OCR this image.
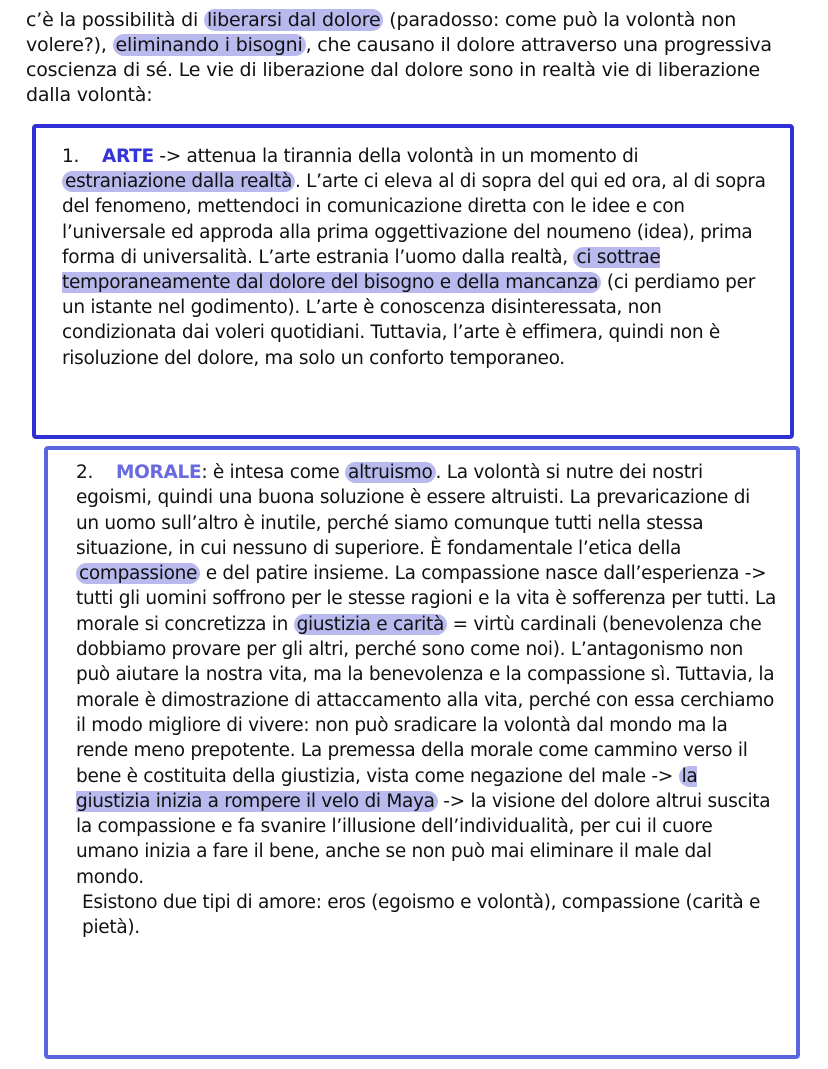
c’è la possibilità di liberarsi dal dolore (paradosso: come può la volontà non volere?), eliminando i bisogni , che causano il dolore attraverso una progressiva coscienza di sé. Le vie di liberazione dal dolore sono in realtà vie di liberazione dalla volontà:

1. ARTE -> attenua la tirannia della volontà in un momento di estraniazione dalla realtà . L’arte ci eleva al di sopra del qui ed ora, al di sopra del fenomeno, mettendoci in comunicazione diretta con le idee e con l’universale ed approda alla prima oggettivazione del noumeno (idea), prima forma di universalità. L’arte estrania l’uomo dalla realtà, ci sottrae temporaneamente dal dolore del bisogno e della mancanza (ci perdiamo per un istante nel godimento). L’arte è conoscenza disinteressata, non condizionata dai voleri quotidiani. Tuttavia, l’arte è effimera, quindi non è risoluzione del dolore, ma solo un conforto temporaneo.
2. MORALE: è intesa come altruismo . La volontà si nutre dei nostri egoismi, quindi una buona soluzione è essere altruisti. La prevaricazione di un uomo sull’altro è inutile, perché siamo comunque tutti nella stessa situazione, in cui nessuno di superiore. È fondamentale l’etica della compassione e del patire insieme. La compassione nasce dall’esperienza -> tutti gli uomini soffrono per le stesse ragioni e la vita è sofferenza per tutti. La morale si concretizza in giustizia e carità = virtù cardinali (benevolenza che dobbiamo provare per gli altri, perché sono come noi). L’antagonismo non può aiutare la nostra vita, ma la benevolenza e la compassione sì. Tuttavia, la morale è dimostrazione di attaccamento alla vita, perché con essa cerchiamo il modo migliore di vivere: non può sradicare la volontà dal mondo ma la rende meno prepotente. La premessa della morale come cammino verso il bene è costituita della giustizia, vista come negazione del male -> la giustizia inizia a rompere il velo di Maya -> la visione del dolore altrui suscita la compassione e fa svanire l’illusione dell’individualità, per cui il cuore umano inizia a fare il bene, anche se non può mai eliminare il male dal mondo.
Esistono due tipi di amore: eros (egoismo e volontà), compassione (carità e pietà).
